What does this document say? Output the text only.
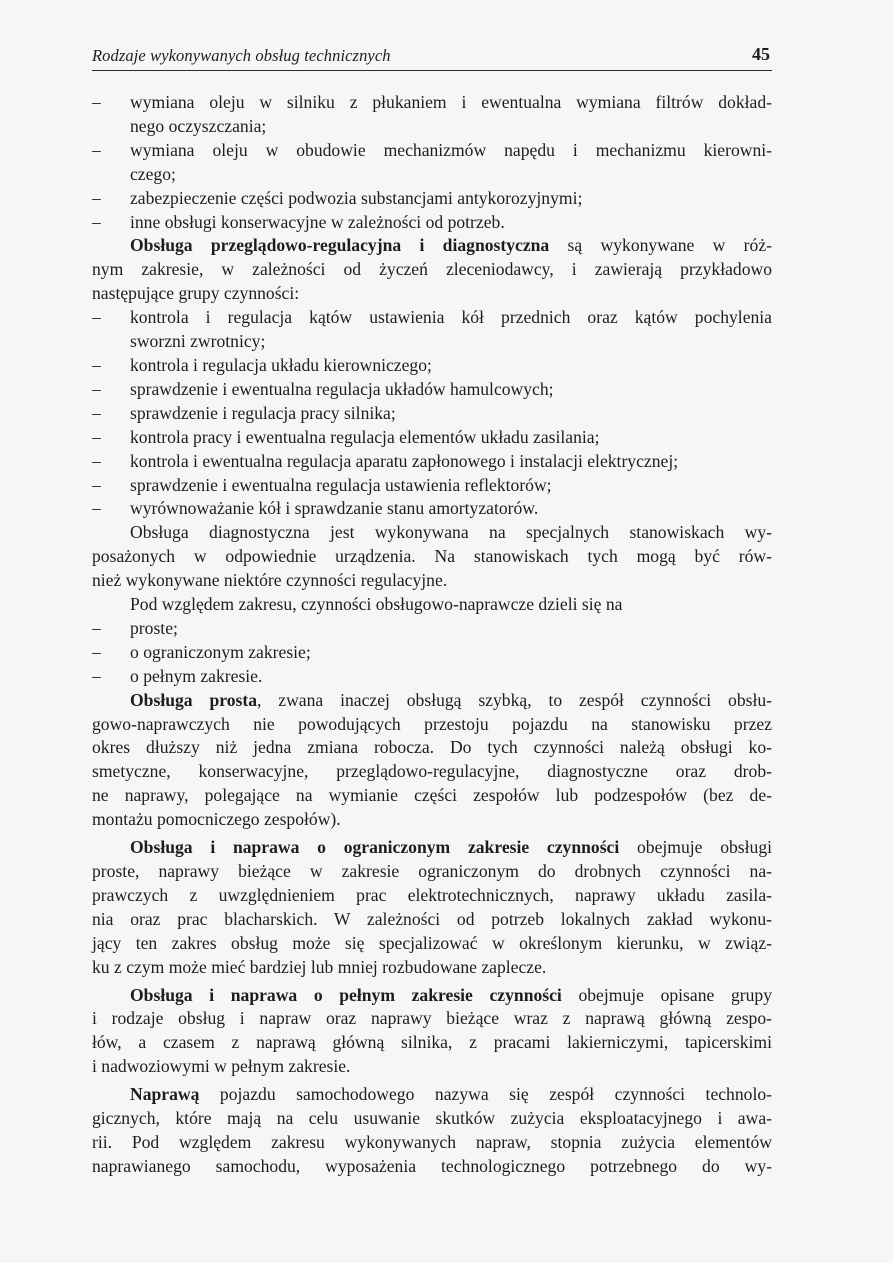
Rodzaje wykonywanych obsług technicznych	45
– wymiana oleju w silniku z płukaniem i ewentualna wymiana filtrów dokład-
nego oczyszczania;
– wymiana oleju w obudowie mechanizmów napędu i mechanizmu kierowni-
czego;
– zabezpieczenie części podwozia substancjami antykorozyjnymi;
– inne obsługi konserwacyjne w zależności od potrzeb.

Obsługa przeglądowo-regulacyjna i diagnostyczna są wykonywane w róż-
nym zakresie, w zależności od życzeń zleceniodawcy, i zawierają przykładowo
następujące grupy czynności:

– kontrola i regulacja kątów ustawienia kół przednich oraz kątów pochylenia
sworzni zwrotnicy;
– kontrola i regulacja układu kierowniczego;
– sprawdzenie i ewentualna regulacja układów hamulcowych;
– sprawdzenie i regulacja pracy silnika;
– kontrola pracy i ewentualna regulacja elementów układu zasilania;
– kontrola i ewentualna regulacja aparatu zapłonowego i instalacji elektrycznej;
– sprawdzenie i ewentualna regulacja ustawienia reflektorów;
– wyrównoważanie kół i sprawdzanie stanu amortyzatorów.

Obsługa diagnostyczna jest wykonywana na specjalnych stanowiskach wy-
posażonych w odpowiednie urządzenia. Na stanowiskach tych mogą być rów-
nież wykonywane niektóre czynności regulacyjne.

Pod względem zakresu, czynności obsługowo-naprawcze dzieli się na

– proste;
– o ograniczonym zakresie;
– o pełnym zakresie.

Obsługa prosta, zwana inaczej obsługą szybką, to zespół czynności obsłu-
gowo-naprawczych nie powodujących przestoju pojazdu na stanowisku przez
okres dłuższy niż jedna zmiana robocza. Do tych czynności należą obsługi ko-
smetyczne, konserwacyjne, przeglądowo-regulacyjne, diagnostyczne oraz drob-
ne naprawy, polegające na wymianie części zespołów lub podzespołów (bez de-
montażu pomocniczego zespołów).

Obsługa i naprawa o ograniczonym zakresie czynności obejmuje obsługi
proste, naprawy bieżące w zakresie ograniczonym do drobnych czynności na-
prawczych z uwzględnieniem prac elektrotechnicznych, naprawy układu zasila-
nia oraz prac blacharskich. W zależności od potrzeb lokalnych zakład wykonu-
jący ten zakres obsług może się specjalizować w określonym kierunku, w związ-
ku z czym może mieć bardziej lub mniej rozbudowane zaplecze.

Obsługa i naprawa o pełnym zakresie czynności obejmuje opisane grupy
i rodzaje obsług i napraw oraz naprawy bieżące wraz z naprawą główną zespo-
łów, a czasem z naprawą główną silnika, z pracami lakierniczymi, tapicerskimi
i nadwoziowymi w pełnym zakresie.

Naprawą pojazdu samochodowego nazywa się zespół czynności technolo-
gicznych, które mają na celu usuwanie skutków zużycia eksploatacyjnego i awa-
rii. Pod względem zakresu wykonywanych napraw, stopnia zużycia elementów
naprawianego samochodu, wyposażenia technologicznego potrzebnego do wy-
